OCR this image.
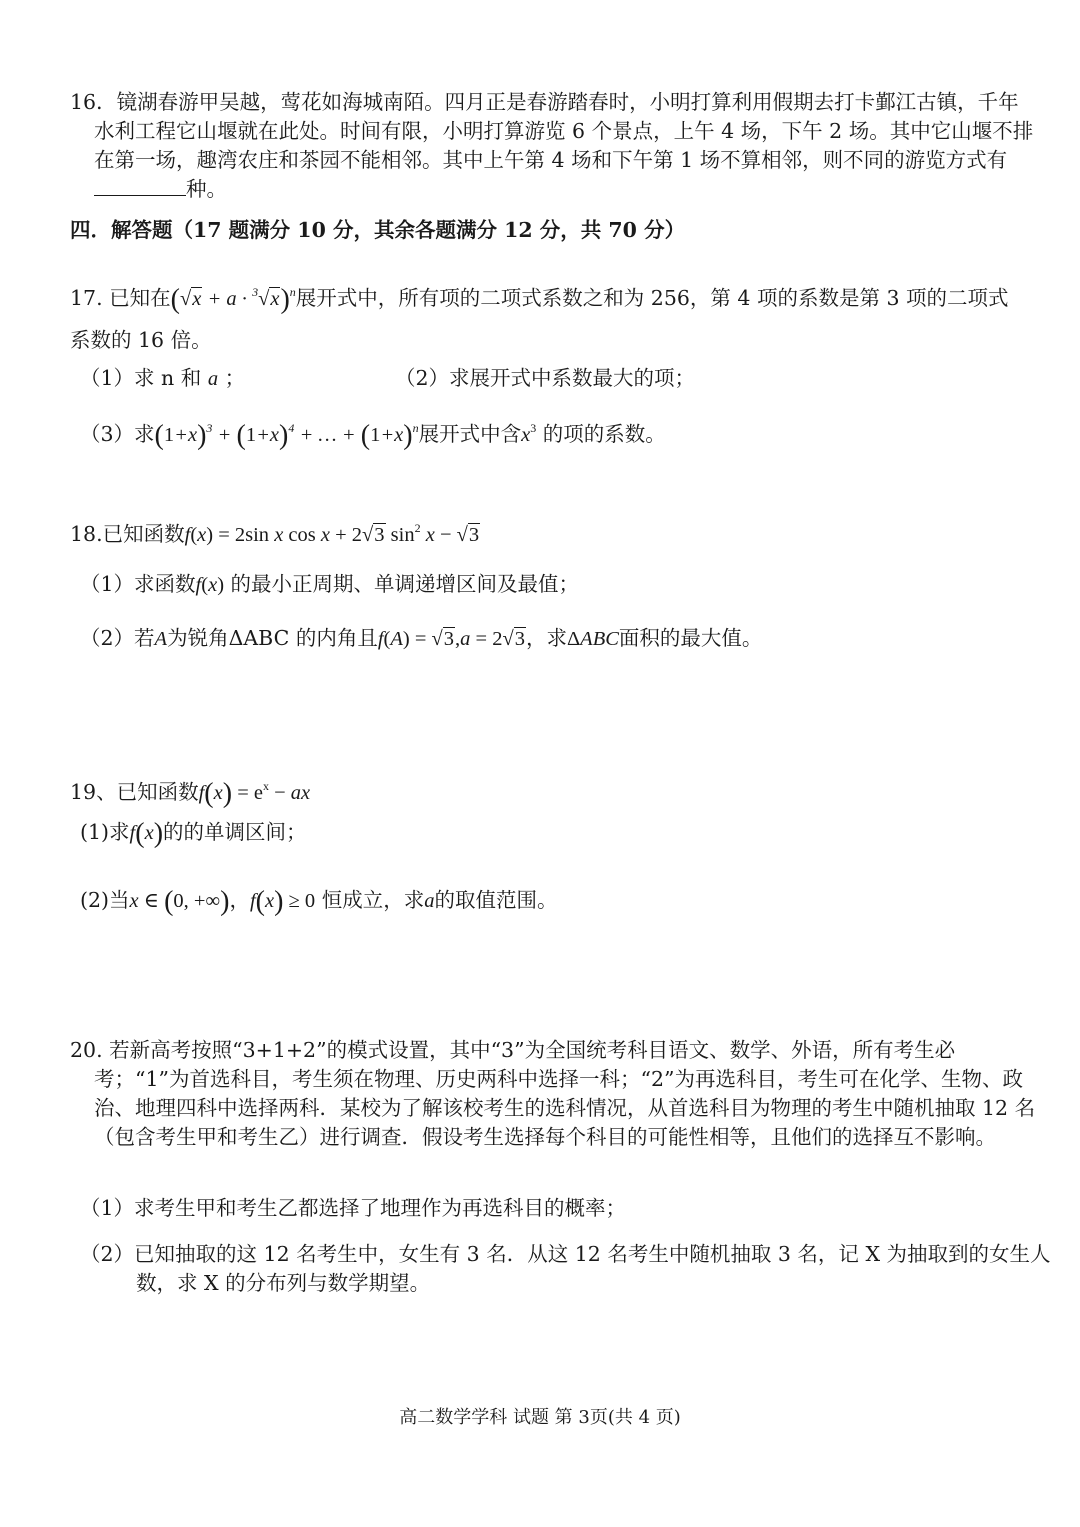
16．镜湖春游甲吴越，莺花如海城南陌。四月正是春游踏春时，小明打算利用假期去打卡鄞江古镇，千年水利工程它山堰就在此处。时间有限，小明打算游览 6 个景点，上午 4 场，下午 2 场。其中它山堰不排在第一场，趣湾农庄和茶园不能相邻。其中上午第 4 场和下午第 1 场不算相邻，则不同的游览方式有种。
四．解答题（17 题满分 10 分，其余各题满分 12 分，共 70 分）
17. 已知在$(√x + a \cdot ^3√x)^n$展开式中，所有项的二项式系数之和为 256，第 4 项的系数是第 3 项的二项式系数的 16 倍。
（1）求 n 和 a ；	（2）求展开式中系数最大的项；
（3）求$(1+x)^3 + (1+x)^4$ + … + $(1+x)^n$展开式中含$x^3$ 的项的系数。
18.已知函数f(x) = 2sin x cos x + 2√3 $\sin^2 x - √3$
（1）求函数f(x) 的最小正周期、单调递增区间及最值；
（2）若A为锐角ΔABC 的内角且f(A) = √3,a = 2√3，求ΔABC面积的最大值。
19、已知函数$f(x) = e^x$ − ax
(1)求f(x)的的单调区间；
(2)当x ∈ (0, +∞)，f(x) ≥ 0 恒成立，求a的取值范围。
20. 若新高考按照“3+1+2”的模式设置，其中“3”为全国统考科目语文、数学、外语，所有考生必考；“1”为首选科目，考生须在物理、历史两科中选择一科；“2”为再选科目，考生可在化学、生物、政治、地理四科中选择两科．某校为了解该校考生的选科情况，从首选科目为物理的考生中随机抽取 12 名（包含考生甲和考生乙）进行调查．假设考生选择每个科目的可能性相等，且他们的选择互不影响。
（1）求考生甲和考生乙都选择了地理作为再选科目的概率；
（2）已知抽取的这 12 名考生中，女生有 3 名．从这 12 名考生中随机抽取 3 名，记 X 为抽取到的女生人数，求 X 的分布列与数学期望。
高二数学学科 试题 第 3页(共 4 页)
